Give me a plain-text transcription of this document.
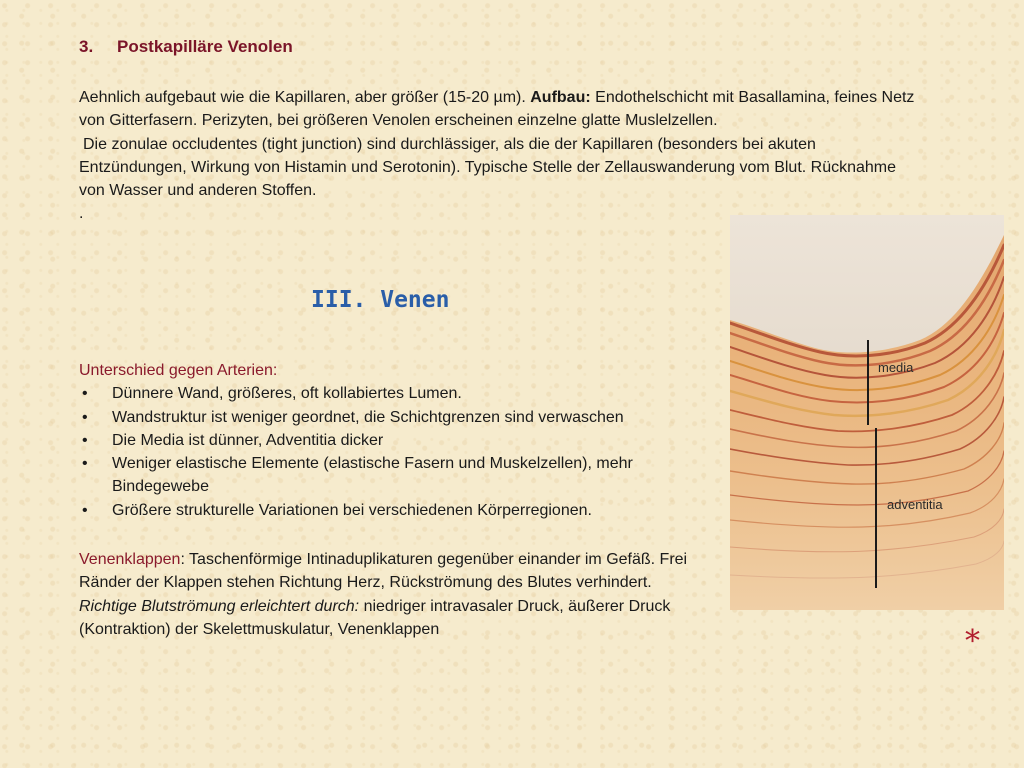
3. Postkapilläre Venolen
Aehnlich aufgebaut wie die Kapillaren, aber größer (15-20 µm). Aufbau: Endothelschicht mit Basallamina, feines Netz von Gitterfasern. Perizyten, bei größeren Venolen erscheinen einzelne glatte Muslelzellen.
Die zonulae occludentes (tight junction) sind durchlässiger, als die der Kapillaren (besonders bei akuten Entzündungen, Wirkung von Histamin und Serotonin). Typische Stelle der Zellauswanderung vom Blut. Rücknahme von Wasser und anderen Stoffen.
.
III. Venen
Unterschied gegen Arterien:
• Dünnere Wand, größeres, oft kollabiertes Lumen.
• Wandstruktur ist weniger geordnet, die Schichtgrenzen sind verwaschen
• Die Media ist dünner, Adventitia dicker
• Weniger elastische Elemente (elastische Fasern und Muskelzellen), mehr Bindegewebe
• Größere strukturelle Variationen bei verschiedenen Körperregionen.
Venenklappen: Taschenförmige Intinaduplikaturen gegenüber einander im Gefäß. Frei Ränder der Klappen stehen Richtung Herz, Rückströmung des Blutes verhindert.
Richtige Blutströmung erleichtert durch: niedriger intravasaler Druck, äußerer Druck (Kontraktion) der Skelettmuskulatur, Venenklappen
media
adventitia
*
